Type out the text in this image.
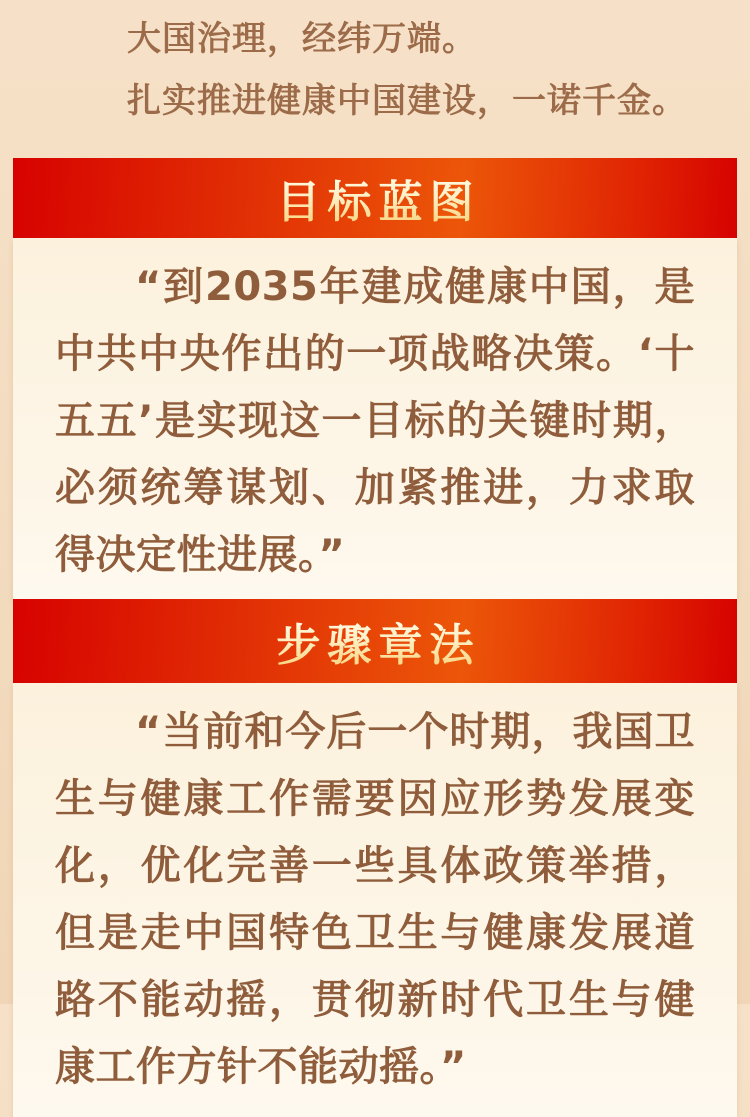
大国治理，经纬万端。

扎实推进健康中国建设，一诺千金。

目标蓝图

“到2035年建成健康中国，是中共中央作出的一项战略决策。‘十五五’是实现这一目标的关键时期，必须统筹谋划、加紧推进，力求取得决定性进展。”

步骤章法

“当前和今后一个时期，我国卫生与健康工作需要因应形势发展变化，优化完善一些具体政策举措，但是走中国特色卫生与健康发展道路不能动摇，贯彻新时代卫生与健康工作方针不能动摇。”
